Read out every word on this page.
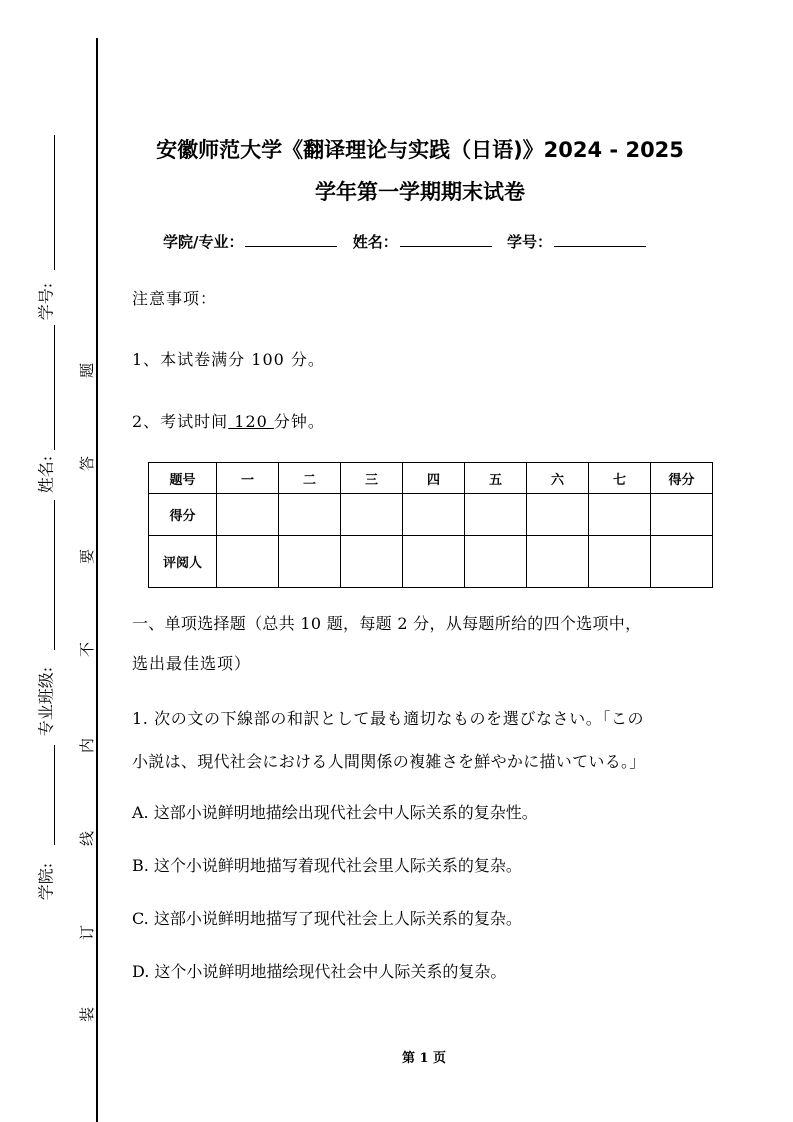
学号:
姓名:
专业班级:
学院:
题
答
要
不
内
线
订
装
安徽师范大学《翻译理论与实践（日语)》2024 - 2025
学年第一学期期末试卷
学院/专业：	姓名：	学号：
注意事项：
1、本试卷满分 100 分。
2、考试时间 120 分钟。
题号	一	二	三	四	五	六	七	得分
得分								
评阅人								
一、单项选择题（总共 10 题，每题 2 分，从每题所给的四个选项中，
选出最佳选项）
1. 次の文の下線部の和訳として最も適切なものを選びなさい。「この
小説は、現代社会における人間関係の複雑さを鮮やかに描いている。」
A. 这部小说鲜明地描绘出现代社会中人际关系的复杂性。
B. 这个小说鲜明地描写着现代社会里人际关系的复杂。
C. 这部小说鲜明地描写了现代社会上人际关系的复杂。
D. 这个小说鲜明地描绘现代社会中人际关系的复杂。
第 1 页
